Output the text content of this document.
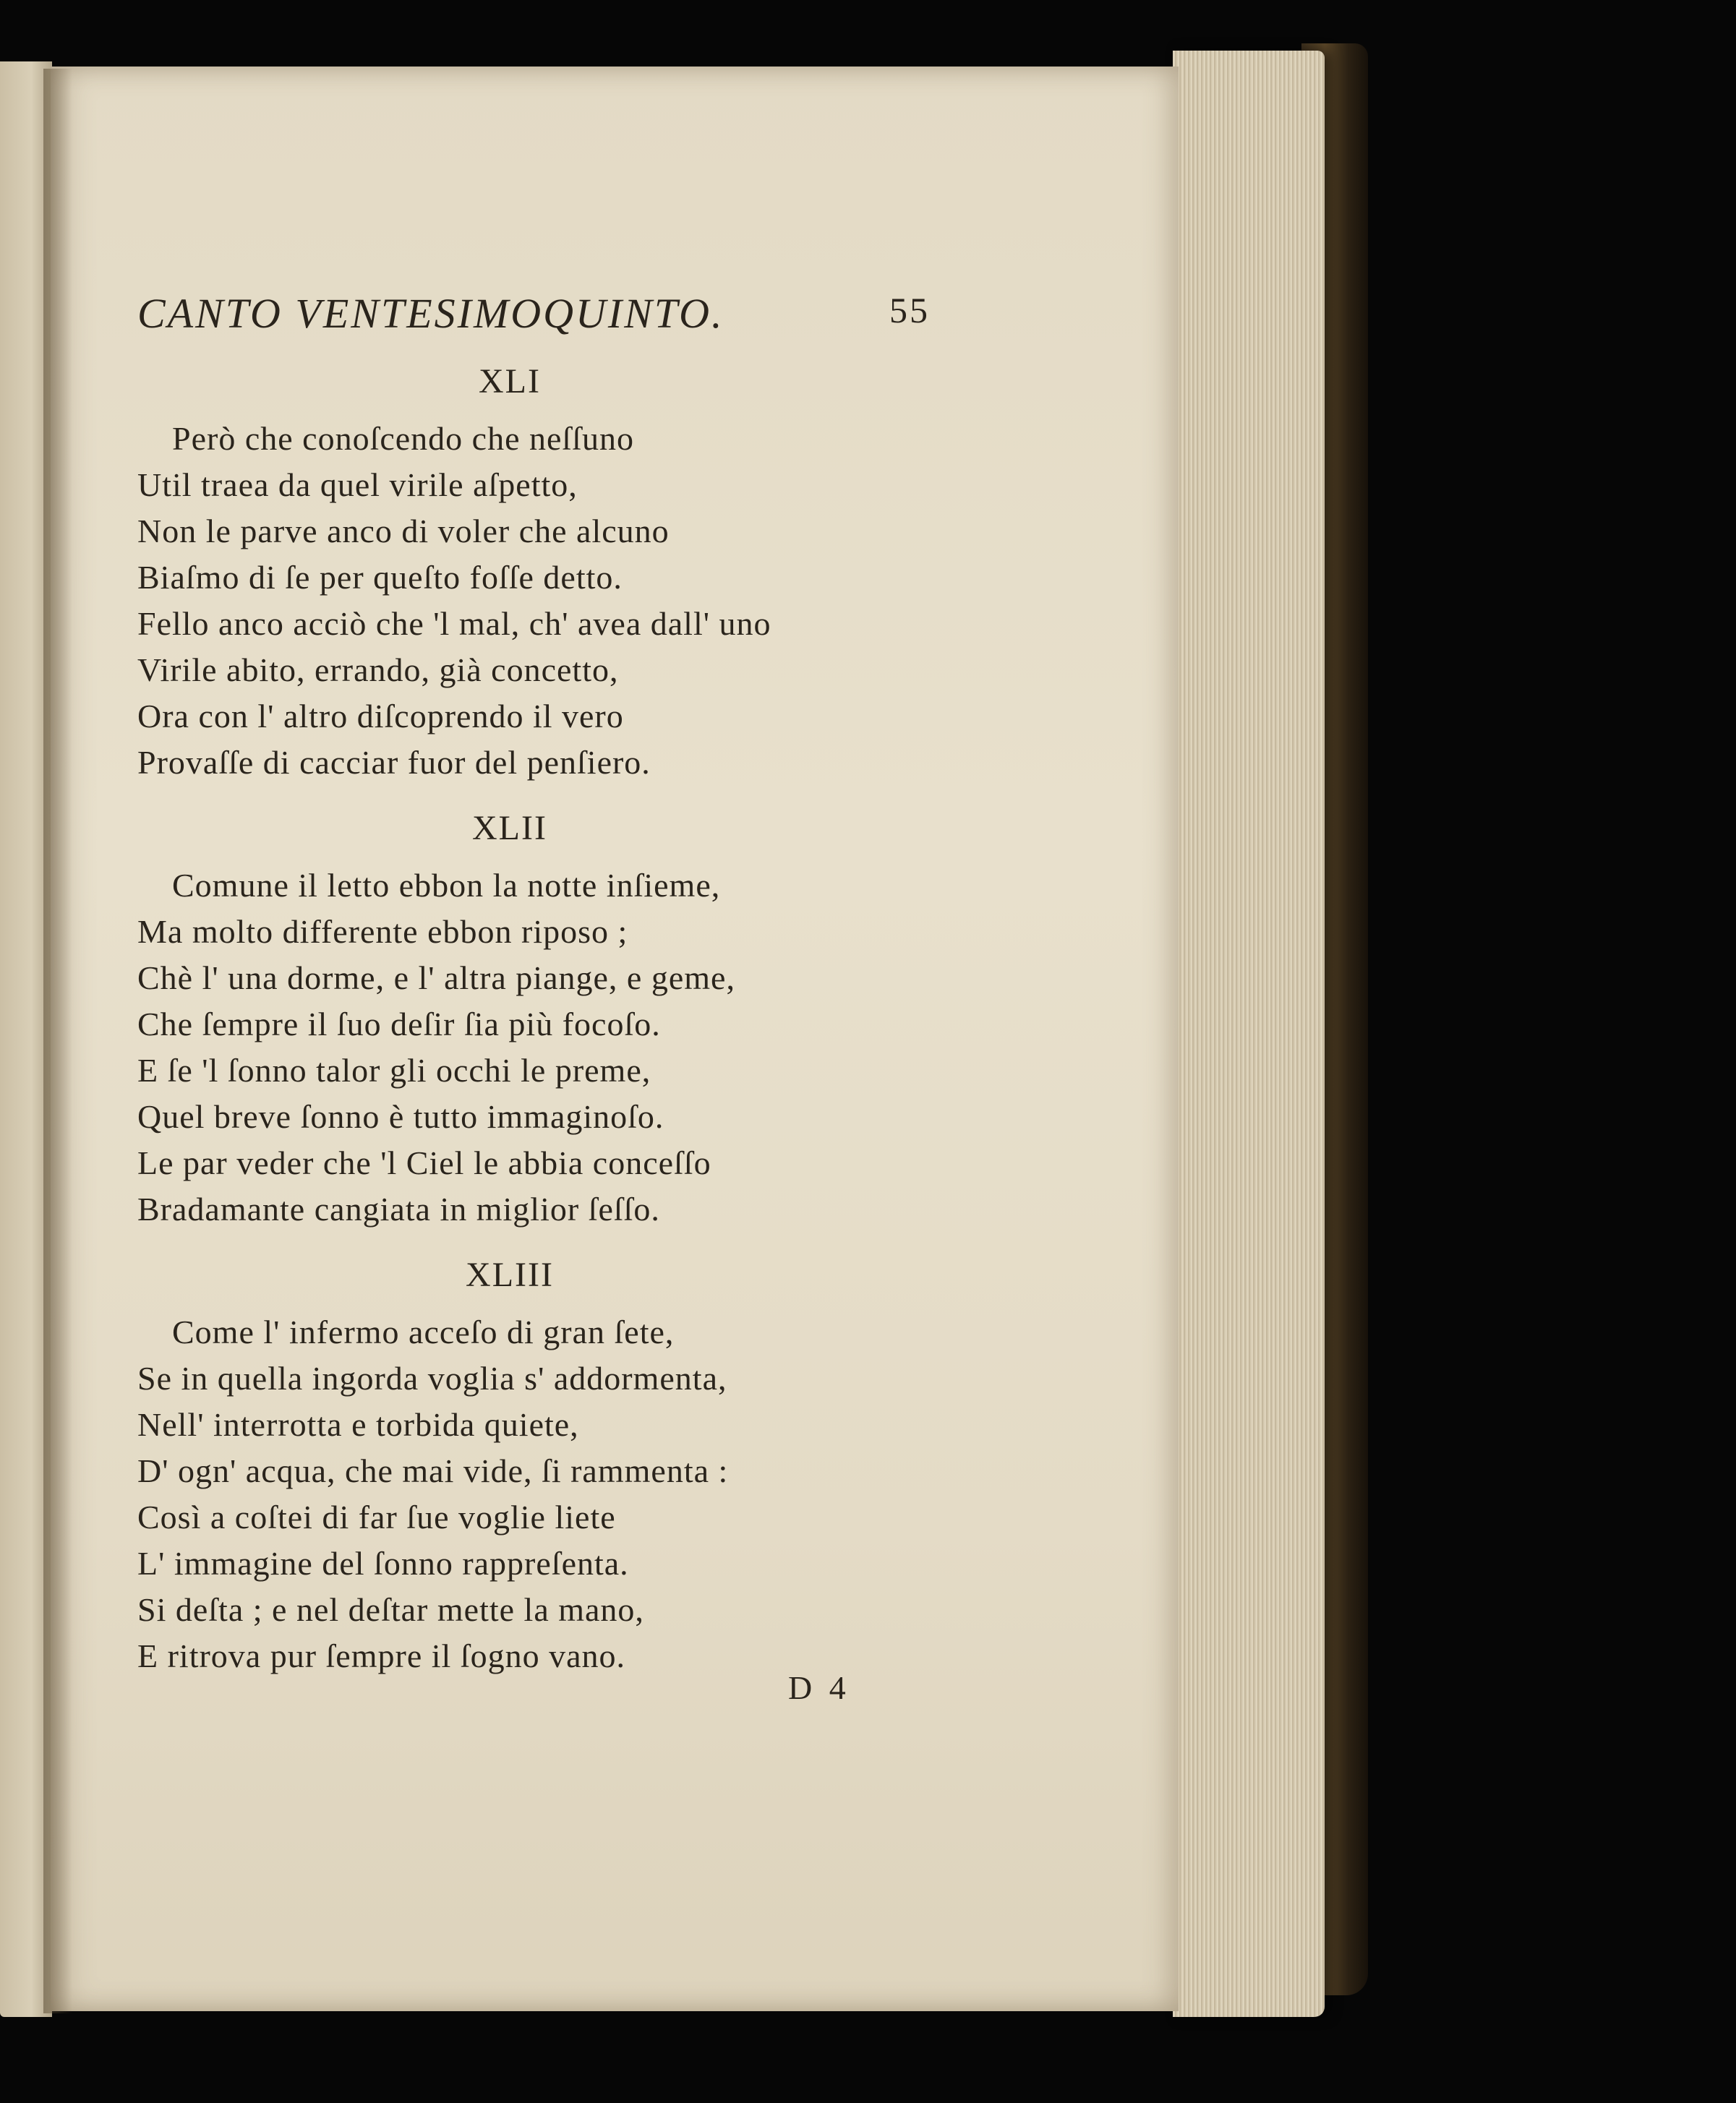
CANTO VENTESIMOQUINTO.	55
XLI
Però che conoſcendo che neſſuno
Util traea da quel virile aſpetto,
Non le parve anco di voler che alcuno
Biaſmo di ſe per queſto foſſe detto.
Fello anco acciò che 'l mal, ch' avea dall' uno
Virile abito, errando, già concetto,
Ora con l' altro diſcoprendo il vero
Provaſſe di cacciar fuor del penſiero.
XLII
Comune il letto ebbon la notte inſieme,
Ma molto differente ebbon riposo ;
Chè l' una dorme, e l' altra piange, e geme,
Che ſempre il ſuo deſir ſia più focoſo.
E ſe 'l ſonno talor gli occhi le preme,
Quel breve ſonno è tutto immaginoſo.
Le par veder che 'l Ciel le abbia conceſſo
Bradamante cangiata in miglior ſeſſo.
XLIII
Come l' infermo acceſo di gran ſete,
Se in quella ingorda voglia s' addormenta,
Nell' interrotta e torbida quiete,
D' ogn' acqua, che mai vide, ſi rammenta :
Così a coſtei di far ſue voglie liete
L' immagine del ſonno rappreſenta.
Si deſta ; e nel deſtar mette la mano,
E ritrova pur ſempre il ſogno vano.
D 4
